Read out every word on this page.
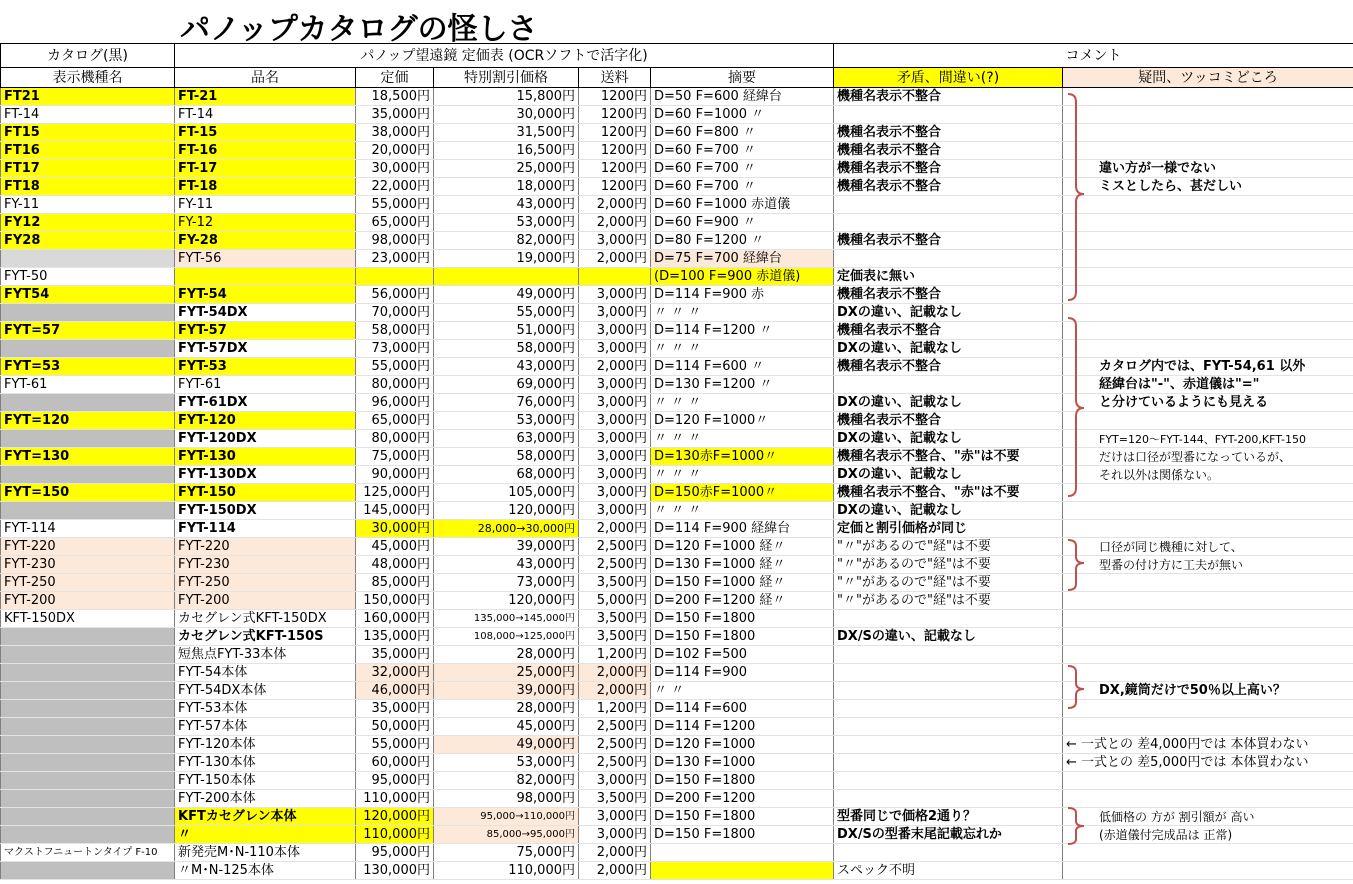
パノップカタログの怪しさ
カタログ(黒)	パノップ望遠鏡 定価表 (OCRソフトで活字化)					コメント	
表示機種名	品名	定価	特別割引価格	送料	摘要	矛盾、間違い(?)	疑問、ツッコミどころ
FT21	FT-21	18,500円	15,800円	1200円	D=50 F=600 経緯台	機種名表示不整合	
FT-14	FT-14	35,000円	30,000円	1200円	D=60 F=1000 〃		
FT15	FT-15	38,000円	31,500円	1200円	D=60 F=800 〃	機種名表示不整合	
FT16	FT-16	20,000円	16,500円	1200円	D=60 F=700 〃	機種名表示不整合	
FT17	FT-17	30,000円	25,000円	1200円	D=60 F=700 〃	機種名表示不整合	
FT18	FT-18	22,000円	18,000円	1200円	D=60 F=700 〃	機種名表示不整合	
FY-11	FY-11	55,000円	43,000円	2,000円	D=60 F=1000 赤道儀		
FY12	FY-12	65,000円	53,000円	2,000円	D=60 F=900 〃		
FY28	FY-28	98,000円	82,000円	3,000円	D=80 F=1200 〃	機種名表示不整合	
	FYT-56	23,000円	19,000円	2,000円	D=75 F=700 経緯台		
FYT-50					(D=100 F=900 赤道儀)	定価表に無い	
FYT54	FYT-54	56,000円	49,000円	3,000円	D=114 F=900 赤	機種名表示不整合	
	FYT-54DX	70,000円	55,000円	3,000円	〃 〃 〃	DXの違い、記載なし	
FYT=57	FYT-57	58,000円	51,000円	3,000円	D=114 F=1200 〃	機種名表示不整合	
	FYT-57DX	73,000円	58,000円	3,000円	〃 〃 〃	DXの違い、記載なし	
FYT=53	FYT-53	55,000円	43,000円	2,000円	D=114 F=600 〃	機種名表示不整合	
FYT-61	FYT-61	80,000円	69,000円	3,000円	D=130 F=1200 〃		
	FYT-61DX	96,000円	76,000円	3,000円	〃 〃 〃	DXの違い、記載なし	
FYT=120	FYT-120	65,000円	53,000円	3,000円	D=120 F=1000〃	機種名表示不整合	
	FYT-120DX	80,000円	63,000円	3,000円	〃 〃 〃	DXの違い、記載なし	
FYT=130	FYT-130	75,000円	58,000円	3,000円	D=130赤F=1000〃	機種名表示不整合、"赤"は不要	
	FYT-130DX	90,000円	68,000円	3,000円	〃 〃 〃	DXの違い、記載なし	
FYT=150	FYT-150	125,000円	105,000円	3,000円	D=150赤F=1000〃	機種名表示不整合、"赤"は不要	
	FYT-150DX	145,000円	120,000円	3,000円	〃 〃 〃	DXの違い、記載なし	
FYT-114	FYT-114	30,000円	28,000→30,000円	2,000円	D=114 F=900 経緯台	定価と割引価格が同じ	
FYT-220	FYT-220	45,000円	39,000円	2,500円	D=120 F=1000 経〃	"〃"があるので"経"は不要	
FYT-230	FYT-230	48,000円	43,000円	2,500円	D=130 F=1000 経〃	"〃"があるので"経"は不要	
FYT-250	FYT-250	85,000円	73,000円	3,500円	D=150 F=1000 経〃	"〃"があるので"経"は不要	
FYT-200	FYT-200	150,000円	120,000円	5,000円	D=200 F=1200 経〃	"〃"があるので"経"は不要	
KFT-150DX	カセグレン式KFT-150DX	160,000円	135,000→145,000円	3,500円	D=150 F=1800		
	カセグレン式KFT-150S	135,000円	108,000→125,000円	3,500円	D=150 F=1800	DX/Sの違い、記載なし	
	短焦点FYT-33本体	35,000円	28,000円	1,200円	D=102 F=500		
	FYT-54本体	32,000円	25,000円	2,000円	D=114 F=900		
	FYT-54DX本体	46,000円	39,000円	2,000円	〃 〃		
	FYT-53本体	35,000円	28,000円	1,200円	D=114 F=600		
	FYT-57本体	50,000円	45,000円	2,500円	D=114 F=1200		
	FYT-120本体	55,000円	49,000円	2,500円	D=120 F=1000		
	FYT-130本体	60,000円	53,000円	2,500円	D=130 F=1000		
	FYT-150本体	95,000円	82,000円	3,000円	D=150 F=1800		
	FYT-200本体	110,000円	98,000円	3,500円	D=200 F=1200		
	KFTカセグレン本体	120,000円	95,000→110,000円	3,000円	D=150 F=1800	型番同じで価格2通り？	
	〃	110,000円	85,000→95,000円	3,000円	D=150 F=1800	DX/Sの型番末尾記載忘れか	
マクストフニュートンタイプ F-10	新発売M･N-110本体	95,000円	75,000円	2,000円			
	〃M･N-125本体	130,000円	110,000円	2,000円		スペック不明	
違い方が一様でない
ミスとしたら、甚だしい
カタログ内では、FYT-54,61 以外
経緯台は"-"、赤道儀は"="
と分けているようにも見える
FYT=120～FYT-144、FYT-200,KFT-150
だけは口径が型番になっているが、
それ以外は関係ない。
口径が同じ機種に対して、
型番の付け方に工夫が無い
DX,鏡筒だけで50％以上高い？
← 一式との 差4,000円では 本体買わない
← 一式との 差5,000円では 本体買わない
低価格の 方が 割引額が 高い
(赤道儀付完成品は 正常)
